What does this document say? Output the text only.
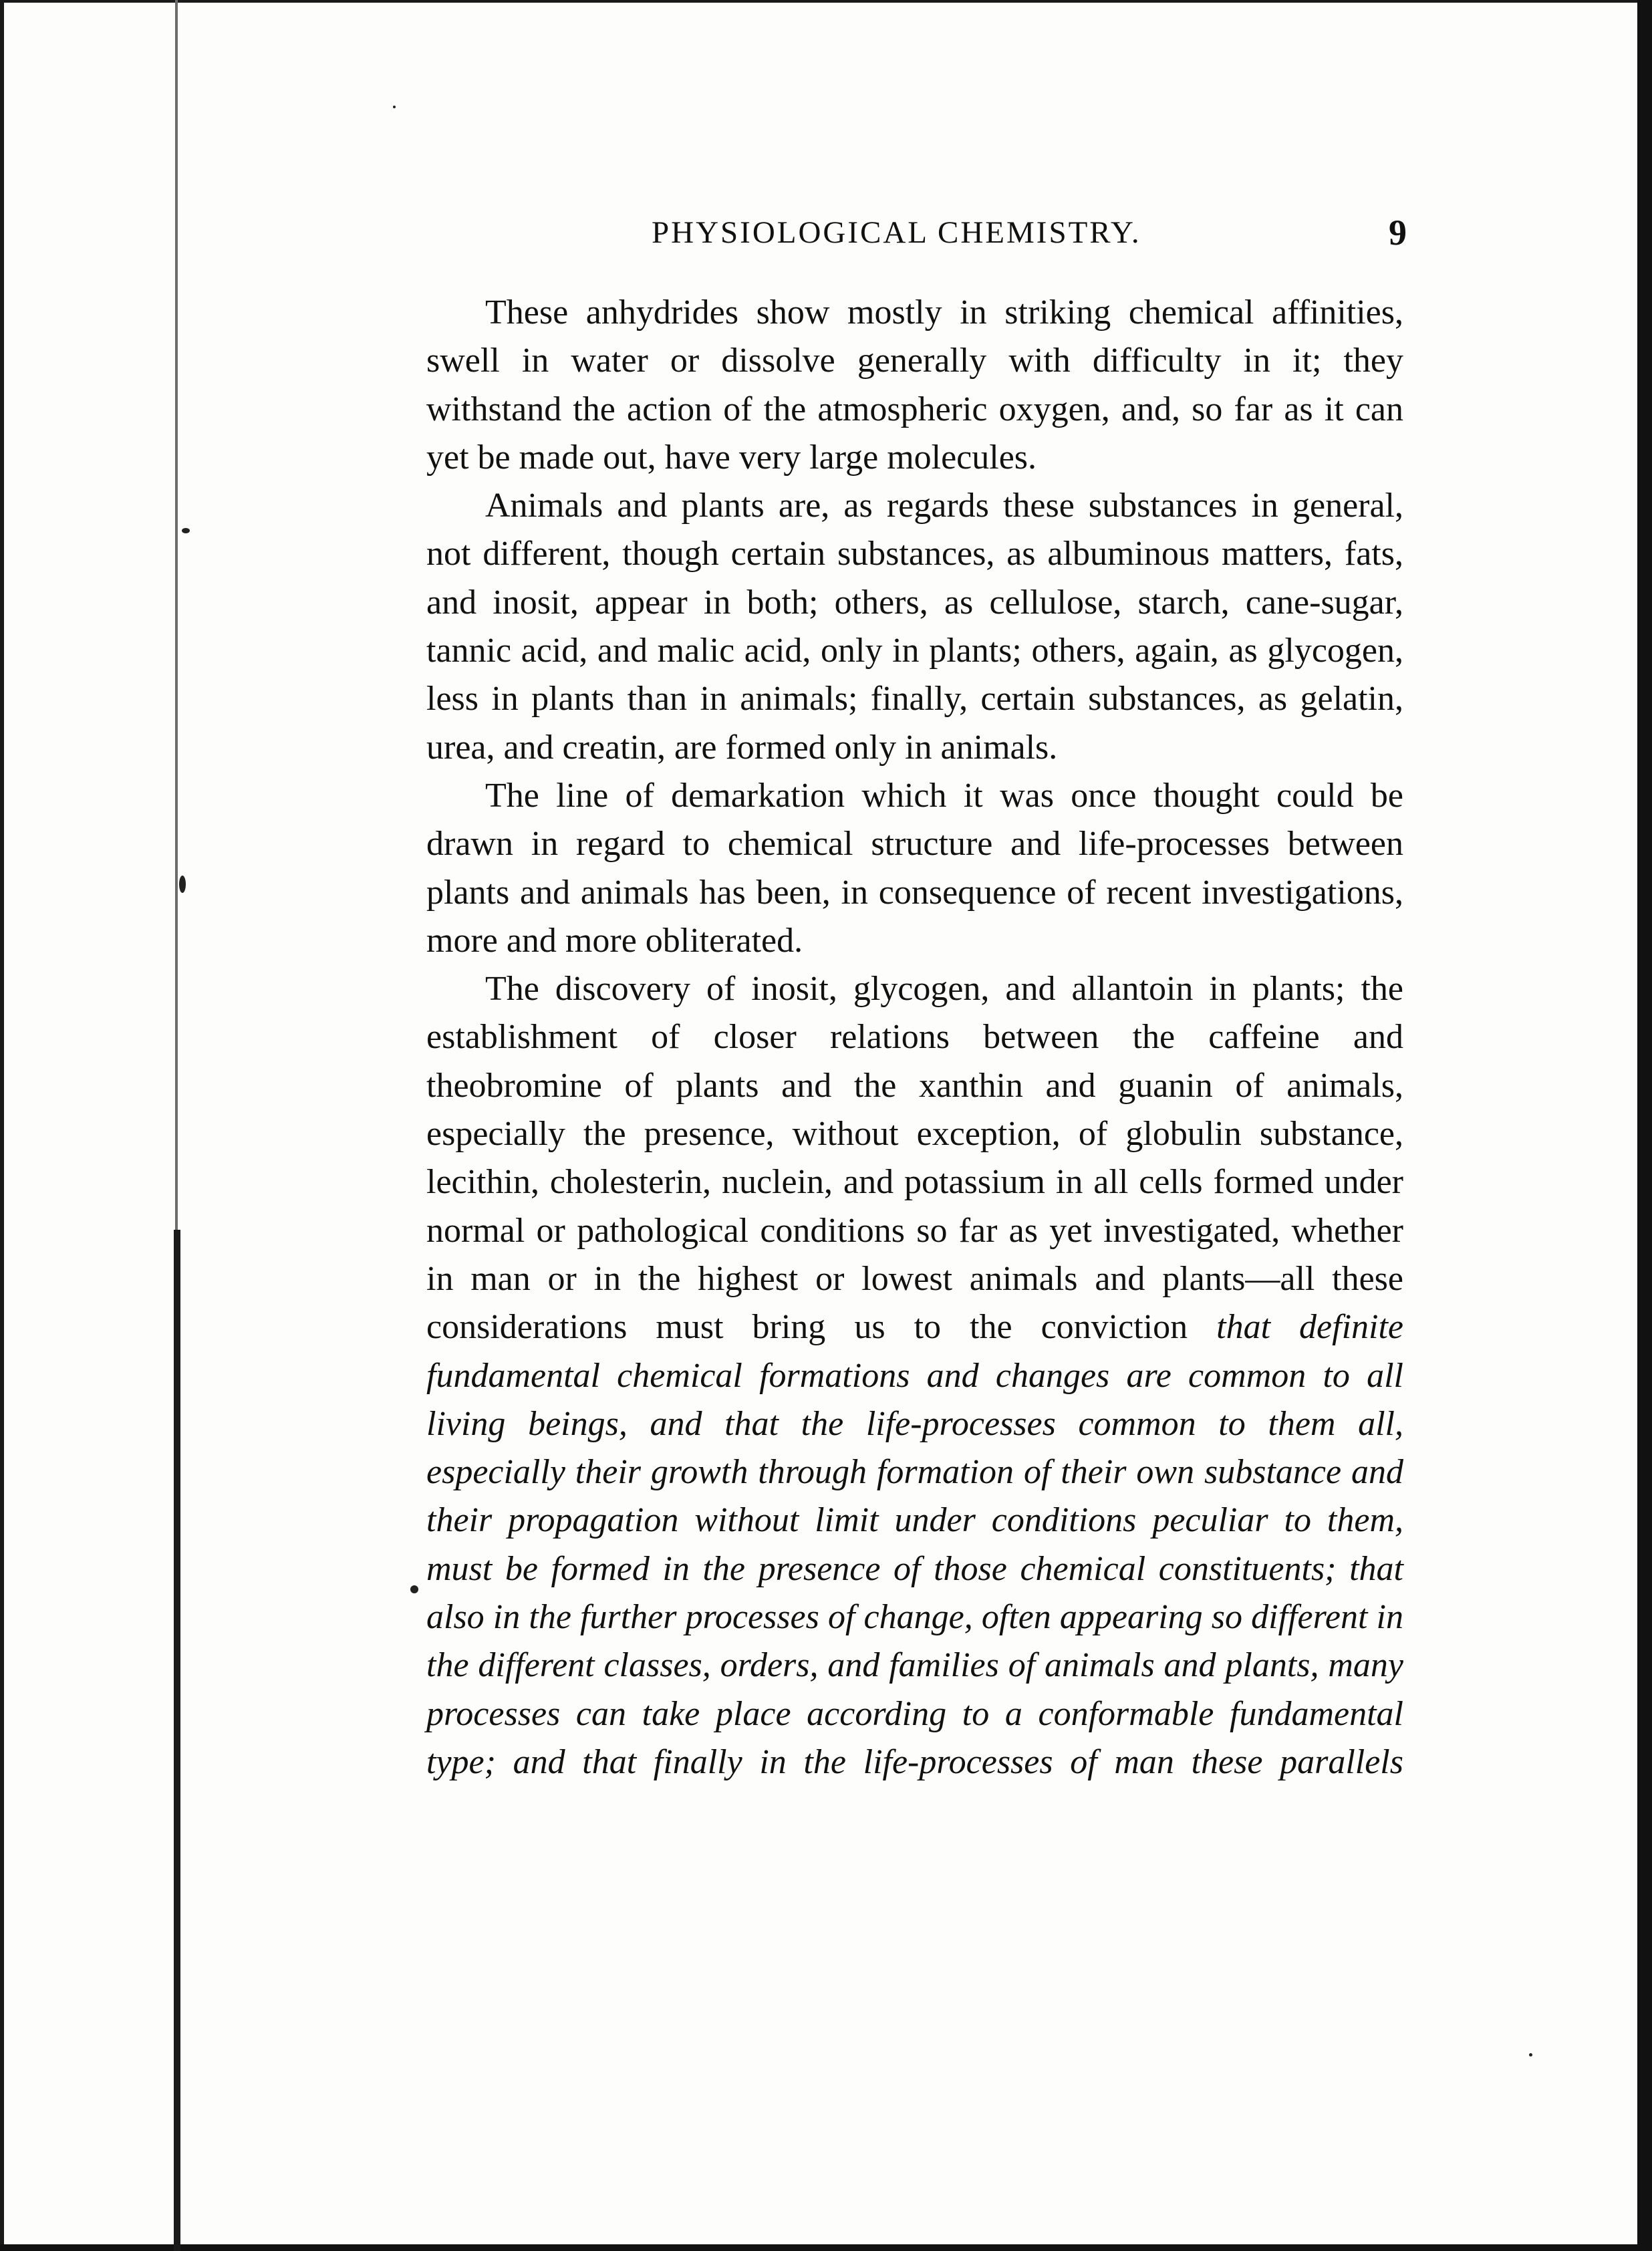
PHYSIOLOGICAL CHEMISTRY.	9

These anhydrides show mostly in striking chemical affinities, swell in water or dissolve generally with difficulty in it; they withstand the action of the atmospheric oxygen, and, so far as it can yet be made out, have very large molecules.

Animals and plants are, as regards these substances in general, not different, though certain substances, as albuminous matters, fats, and inosit, appear in both; others, as cellulose, starch, cane-sugar, tannic acid, and malic acid, only in plants; others, again, as glycogen, less in plants than in animals; finally, certain substances, as gelatin, urea, and creatin, are formed only in animals.

The line of demarkation which it was once thought could be drawn in regard to chemical structure and life-processes between plants and animals has been, in consequence of recent investigations, more and more obliterated.

The discovery of inosit, glycogen, and allantoin in plants; the establishment of closer relations between the caffeine and theobromine of plants and the xanthin and guanin of animals, especially the presence, without exception, of globulin substance, lecithin, cholesterin, nuclein, and potassium in all cells formed under normal or pathological conditions so far as yet investigated, whether in man or in the highest or lowest animals and plants—all these considerations must bring us to the conviction that definite fundamental chemical formations and changes are common to all living beings, and that the life-processes common to them all, especially their growth through formation of their own substance and their propagation without limit under conditions peculiar to them, must be formed in the presence of those chemical constituents; that also in the further processes of change, often appearing so different in the different classes, orders, and families of animals and plants, many processes can take place according to a conformable fundamental type; and that finally in the life-processes of man these parallels
